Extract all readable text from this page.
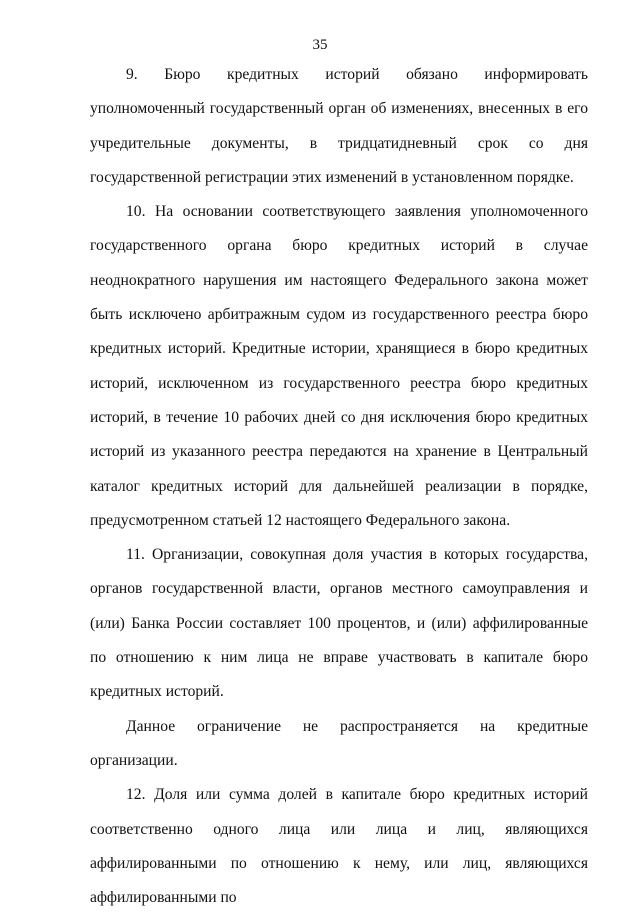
35

9. Бюро кредитных историй обязано информировать уполномоченный государственный орган об изменениях, внесенных в его учредительные документы, в тридцатидневный срок со дня государственной регистрации этих изменений в установленном порядке.

10. На основании соответствующего заявления уполномоченного государственного органа бюро кредитных историй в случае неоднократного нарушения им настоящего Федерального закона может быть исключено арбитражным судом из государственного реестра бюро кредитных историй. Кредитные истории, хранящиеся в бюро кредитных историй, исключенном из государственного реестра бюро кредитных историй, в течение 10 рабочих дней со дня исключения бюро кредитных историй из указанного реестра передаются на хранение в Центральный каталог кредитных историй для дальнейшей реализации в порядке, предусмотренном статьей 12 настоящего Федерального закона.

11. Организации, совокупная доля участия в которых государства, органов государственной власти, органов местного самоуправления и (или) Банка России составляет 100 процентов, и (или) аффилированные по отношению к ним лица не вправе участвовать в капитале бюро кредитных историй.

Данное ограничение не распространяется на кредитные организации.

12. Доля или сумма долей в капитале бюро кредитных историй соответственно одного лица или лица и лиц, являющихся аффилированными по отношению к нему, или лиц, являющихся аффилированными по
